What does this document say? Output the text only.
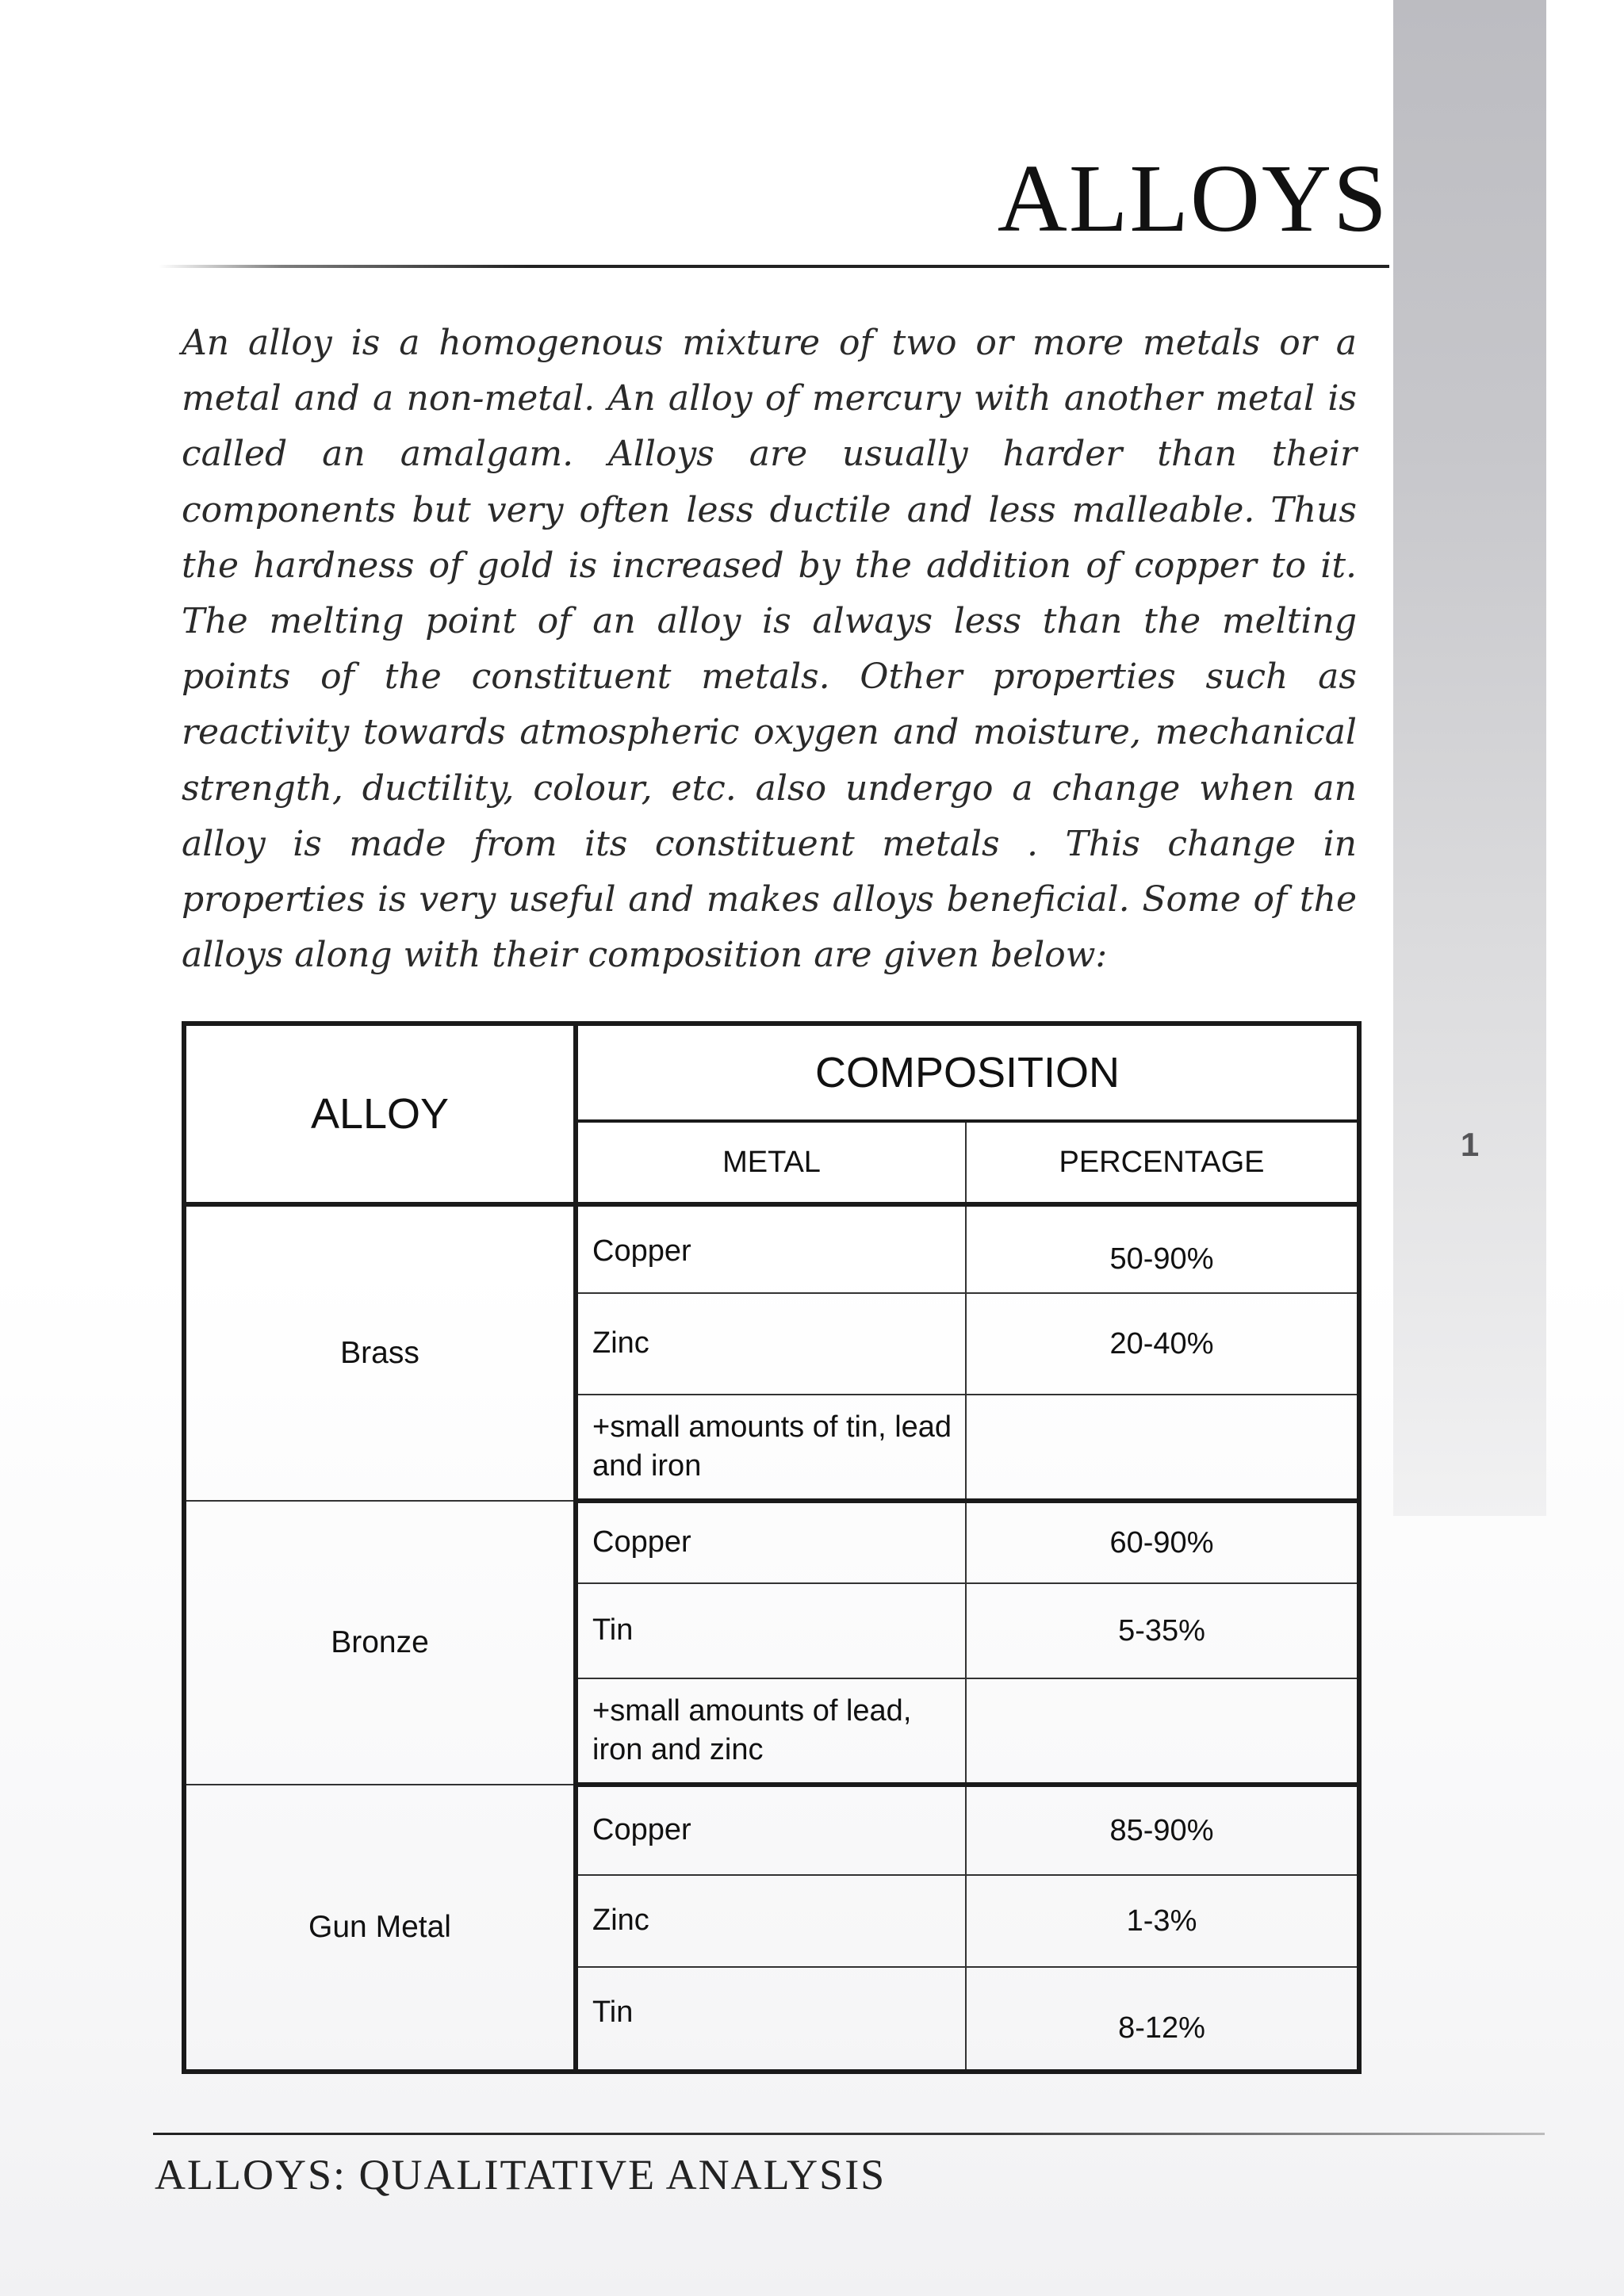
1
ALLOYS

An alloy is a homogenous mixture of two or more metals or a metal and a non-metal. An alloy of mercury with another metal is called an amalgam. Alloys are usually harder than their components but very often less ductile and less malleable. Thus the hardness of gold is increased by the addition of copper to it. The melting point of an alloy is always less than the melting points of the constituent metals. Other properties such as reactivity towards atmospheric oxygen and moisture, mechanical strength, ductility, colour, etc. also undergo a change when an alloy is made from its constituent metals . This change in properties is very useful and makes alloys beneficial. Some of the alloys along with their composition are given below:

ALLOY	COMPOSITION	
	METAL	PERCENTAGE
Brass	Copper	50-90%
	Zinc	20-40%
	+small amounts of tin, lead and iron	
Bronze	Copper	60-90%
	Tin	5-35%
	+small amounts of lead, iron and zinc	
Gun Metal	Copper	85-90%
	Zinc	1-3%
	Tin	8-12%
ALLOYS: QUALITATIVE ANALYSIS
